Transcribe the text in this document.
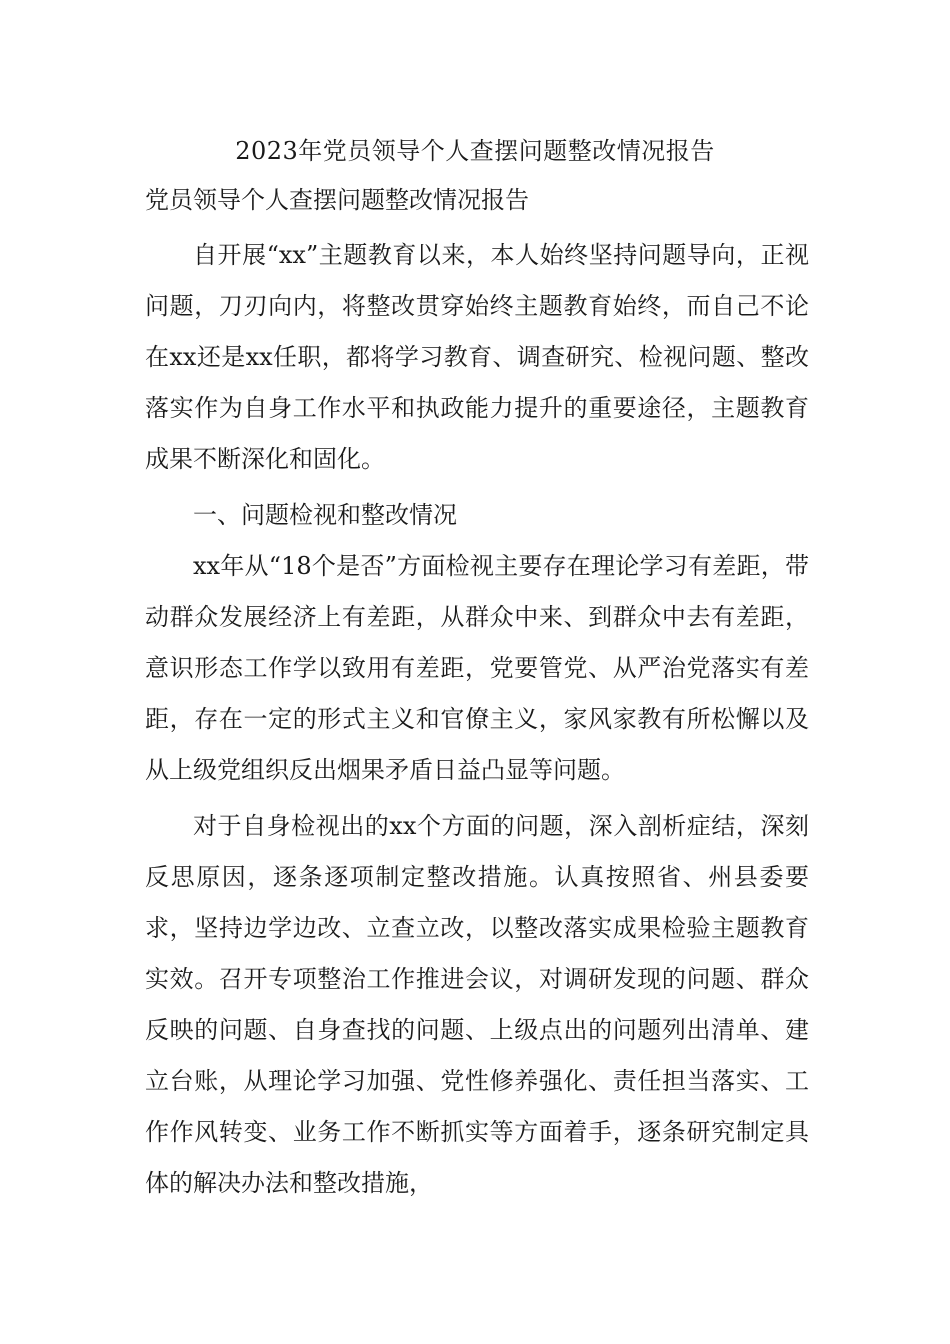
2023年党员领导个人查摆问题整改情况报告
党员领导个人查摆问题整改情况报告

自开展“xx”主题教育以来，本人始终坚持问题导向，正视问题，刀刃向内，将整改贯穿始终主题教育始终，而自己不论在xx还是xx任职，都将学习教育、调查研究、检视问题、整改落实作为自身工作水平和执政能力提升的重要途径，主题教育成果不断深化和固化。

一、问题检视和整改情况

xx年从“18个是否”方面检视主要存在理论学习有差距，带动群众发展经济上有差距，从群众中来、到群众中去有差距，意识形态工作学以致用有差距，党要管党、从严治党落实有差距，存在一定的形式主义和官僚主义，家风家教有所松懈以及从上级党组织反出烟果矛盾日益凸显等问题。

对于自身检视出的xx个方面的问题，深入剖析症结，深刻反思原因，逐条逐项制定整改措施。认真按照省、州县委要求，坚持边学边改、立查立改，以整改落实成果检验主题教育实效。召开专项整治工作推进会议，对调研发现的问题、群众反映的问题、自身查找的问题、上级点出的问题列出清单、建立台账，从理论学习加强、党性修养强化、责任担当落实、工作作风转变、业务工作不断抓实等方面着手，逐条研究制定具体的解决办法和整改措施，
